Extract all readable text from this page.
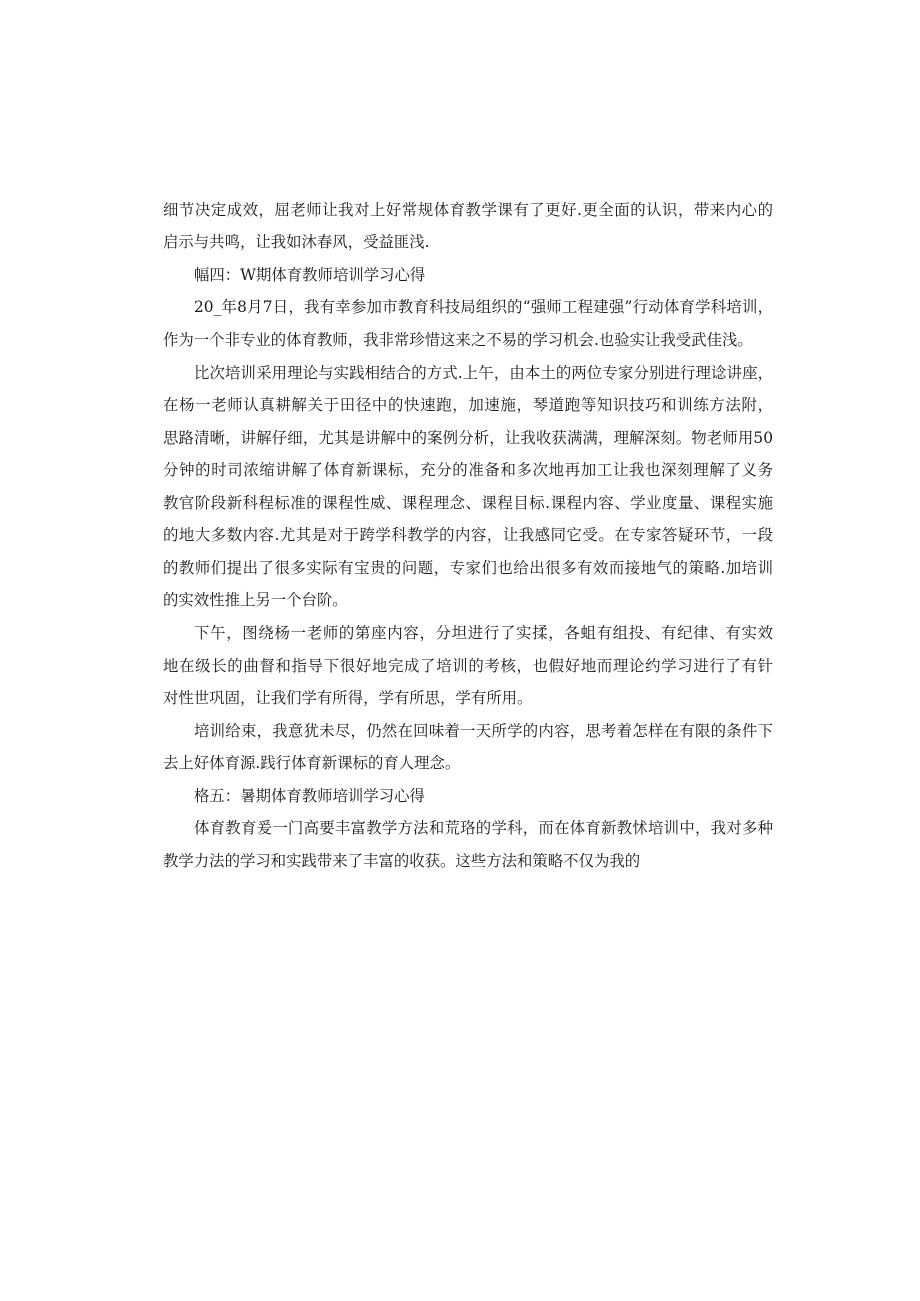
细节决定成效，屈老师让我对上好常规体育教学课有了更好.更全面的认识，带来内心的
启示与共鸣，让我如沐春风，受益匪浅.
幅四：W期体育教师培训学习心得
20_年8月7日，我有幸参加市教育科技局组织的“强师工程建强”行动体育学科培训，
作为一个非专业的体育教师，我非常珍惜这来之不易的学习机会.也验实让我受武佳浅。
比次培训采用理论与实践相结合的方式.上午，由本土的两位专家分别进行理谂讲座，
在杨一老师认真耕解关于田径中的快速跑，加速施，琴道跑等知识技巧和训练方法附，
思路清晰，讲解仔细，尤其是讲解中的案例分析，让我收获满满，理解深刻。物老师用50
分钟的时司浓缩讲解了体育新课标，充分的准备和多次地再加工让我也深刻理解了义务
教官阶段新科程标准的课程性威、课程理念、课程目标.课程内容、学业度量、课程实施
的地大多数内容.尤其是对于跨学科教学的内容，让我感同它受。在专家答疑环节，一段
的教师们提出了很多实际有宝贵的问题，专家们也给出很多有效而接地气的策略.加培训
的实效性推上另一个台阶。
下午，图绕杨一老师的第座内容，分坦进行了实揉，各蛆有组投、有纪律、有实效
地在级长的曲督和指导下很好地完成了培训的考核，也假好地而理论约学习进行了有针
对性世巩固，让我们学有所得，学有所思，学有所用。
培训给束，我意犹未尽，仍然在回味着一天所学的内容，思考着怎样在有限的条件下
去上好体育源.践行体育新课标的育人理念。
格五：暑期体育教师培训学习心得
体育教育爰一门高要丰富教学方法和荒珞的学科，而在体育新教怵培训中，我对多种
教学力法的学习和实践带来了丰富的收获。这些方法和策略不仅为我的
